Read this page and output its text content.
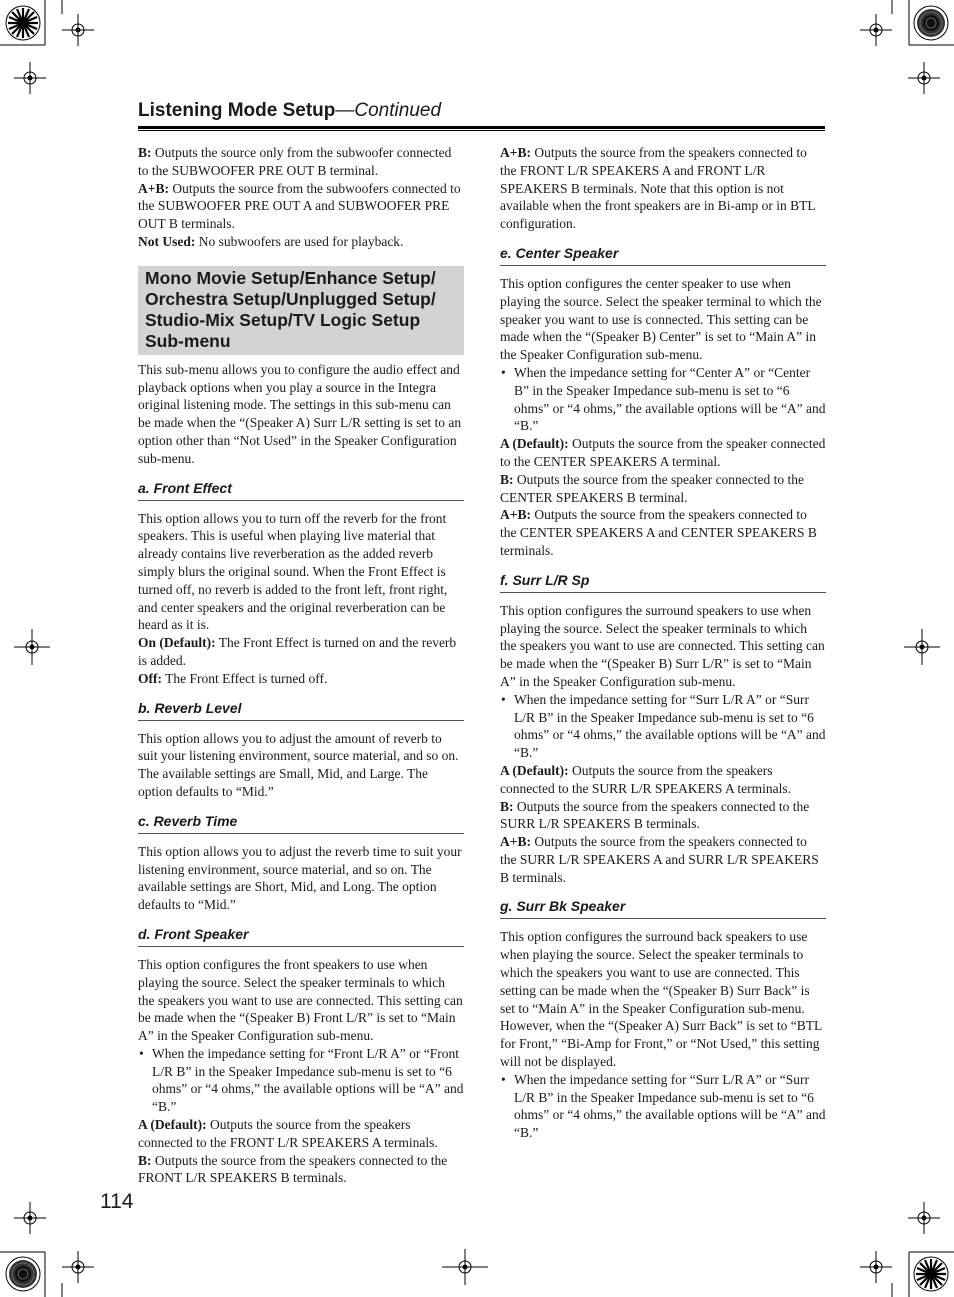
Listening Mode Setup—Continued

B: Outputs the source only from the subwoofer connected to the SUBWOOFER PRE OUT B terminal.

A+B: Outputs the source from the subwoofers connected to the SUBWOOFER PRE OUT A and SUBWOOFER PRE OUT B terminals.

Not Used: No subwoofers are used for playback.

Mono Movie Setup/Enhance Setup/ Orchestra Setup/Unplugged Setup/ Studio-Mix Setup/TV Logic Setup Sub-menu

This sub-menu allows you to configure the audio effect and playback options when you play a source in the Integra original listening mode. The settings in this sub-menu can be made when the “(Speaker A) Surr L/R setting is set to an option other than “Not Used” in the Speaker Configuration sub-menu.

a. Front Effect

This option allows you to turn off the reverb for the front speakers. This is useful when playing live material that already contains live reverberation as the added reverb simply blurs the original sound. When the Front Effect is turned off, no reverb is added to the front left, front right, and center speakers and the original reverberation can be heard as it is.

On (Default): The Front Effect is turned on and the reverb is added.

Off: The Front Effect is turned off.

b. Reverb Level

This option allows you to adjust the amount of reverb to suit your listening environment, source material, and so on. The available settings are Small, Mid, and Large. The option defaults to “Mid.”

c. Reverb Time

This option allows you to adjust the reverb time to suit your listening environment, source material, and so on. The available settings are Short, Mid, and Long. The option defaults to “Mid.”

d. Front Speaker

This option configures the front speakers to use when playing the source. Select the speaker terminals to which the speakers you want to use are connected. This setting can be made when the “(Speaker B) Front L/R” is set to “Main A” in the Speaker Configuration sub-menu.

• When the impedance setting for “Front L/R A” or “Front L/R B” in the Speaker Impedance sub-menu is set to “6 ohms” or “4 ohms,” the available options will be “A” and “B.”

A (Default): Outputs the source from the speakers connected to the FRONT L/R SPEAKERS A terminals.

B: Outputs the source from the speakers connected to the FRONT L/R SPEAKERS B terminals.

A+B: Outputs the source from the speakers connected to the FRONT L/R SPEAKERS A and FRONT L/R SPEAKERS B terminals. Note that this option is not available when the front speakers are in Bi-amp or in BTL configuration.

e. Center Speaker

This option configures the center speaker to use when playing the source. Select the speaker terminal to which the speaker you want to use is connected. This setting can be made when the “(Speaker B) Center” is set to “Main A” in the Speaker Configuration sub-menu.

• When the impedance setting for “Center A” or “Center B” in the Speaker Impedance sub-menu is set to “6 ohms” or “4 ohms,” the available options will be “A” and “B.”

A (Default): Outputs the source from the speaker connected to the CENTER SPEAKERS A terminal.

B: Outputs the source from the speaker connected to the CENTER SPEAKERS B terminal.

A+B: Outputs the source from the speakers connected to the CENTER SPEAKERS A and CENTER SPEAKERS B terminals.

f. Surr L/R Sp

This option configures the surround speakers to use when playing the source. Select the speaker terminals to which the speakers you want to use are connected. This setting can be made when the “(Speaker B) Surr L/R” is set to “Main A” in the Speaker Configuration sub-menu.

• When the impedance setting for “Surr L/R A” or “Surr L/R B” in the Speaker Impedance sub-menu is set to “6 ohms” or “4 ohms,” the available options will be “A” and “B.”

A (Default): Outputs the source from the speakers connected to the SURR L/R SPEAKERS A terminals.

B: Outputs the source from the speakers connected to the SURR L/R SPEAKERS B terminals.

A+B: Outputs the source from the speakers connected to the SURR L/R SPEAKERS A and SURR L/R SPEAKERS B terminals.

g. Surr Bk Speaker

This option configures the surround back speakers to use when playing the source. Select the speaker terminals to which the speakers you want to use are connected. This setting can be made when the “(Speaker B) Surr Back” is set to “Main A” in the Speaker Configuration sub-menu. However, when the “(Speaker A) Surr Back” is set to “BTL for Front,” “Bi-Amp for Front,” or “Not Used,” this setting will not be displayed.

• When the impedance setting for “Surr L/R A” or “Surr L/R B” in the Speaker Impedance sub-menu is set to “6 ohms” or “4 ohms,” the available options will be “A” and “B.”

114
